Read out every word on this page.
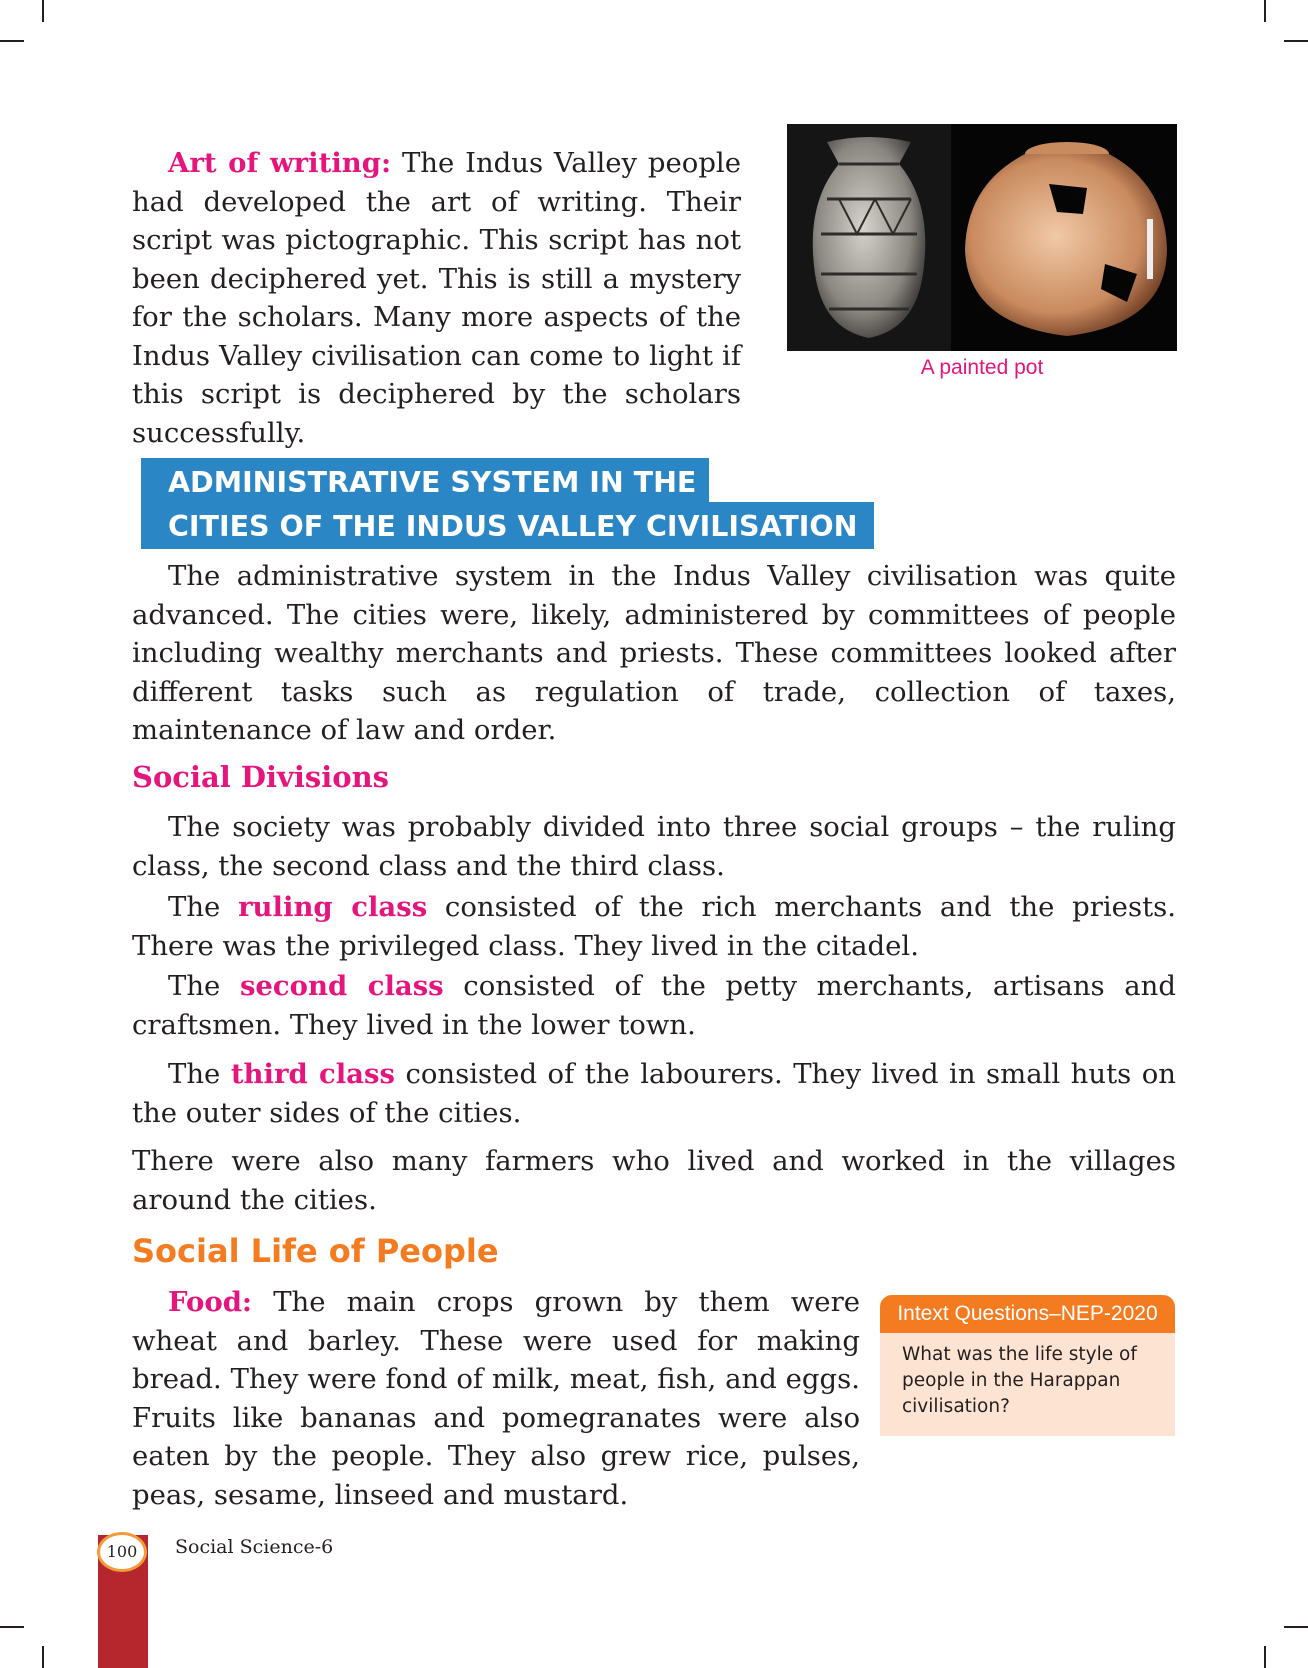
Art of writing: The Indus Valley people had developed the art of writing. Their script was pictographic. This script has not been deciphered yet. This is still a mystery for the scholars. Many more aspects of the Indus Valley civilisation can come to light if this script is deciphered by the scholars successfully.

A painted pot
ADMINISTRATIVE SYSTEM IN THE
CITIES OF THE INDUS VALLEY CIVILISATION

The administrative system in the Indus Valley civilisation was quite advanced. The cities were, likely, administered by committees of people including wealthy merchants and priests. These committees looked after different tasks such as regulation of trade, collection of taxes, maintenance of law and order.

Social Divisions

The society was probably divided into three social groups – the ruling class, the second class and the third class.

The ruling class consisted of the rich merchants and the priests. There was the privileged class. They lived in the citadel.

The second class consisted of the petty merchants, artisans and craftsmen. They lived in the lower town.

The third class consisted of the labourers. They lived in small huts on the outer sides of the cities.

There were also many farmers who lived and worked in the villages around the cities.

Social Life of People

Food: The main crops grown by them were wheat and barley. These were used for making bread. They were fond of milk, meat, fish, and eggs. Fruits like bananas and pomegranates were also eaten by the people. They also grew rice, pulses, peas, sesame, linseed and mustard.

Intext Questions–NEP-2020
What was the life style of people in the Harappan civilisation?
100	Social Science-6
